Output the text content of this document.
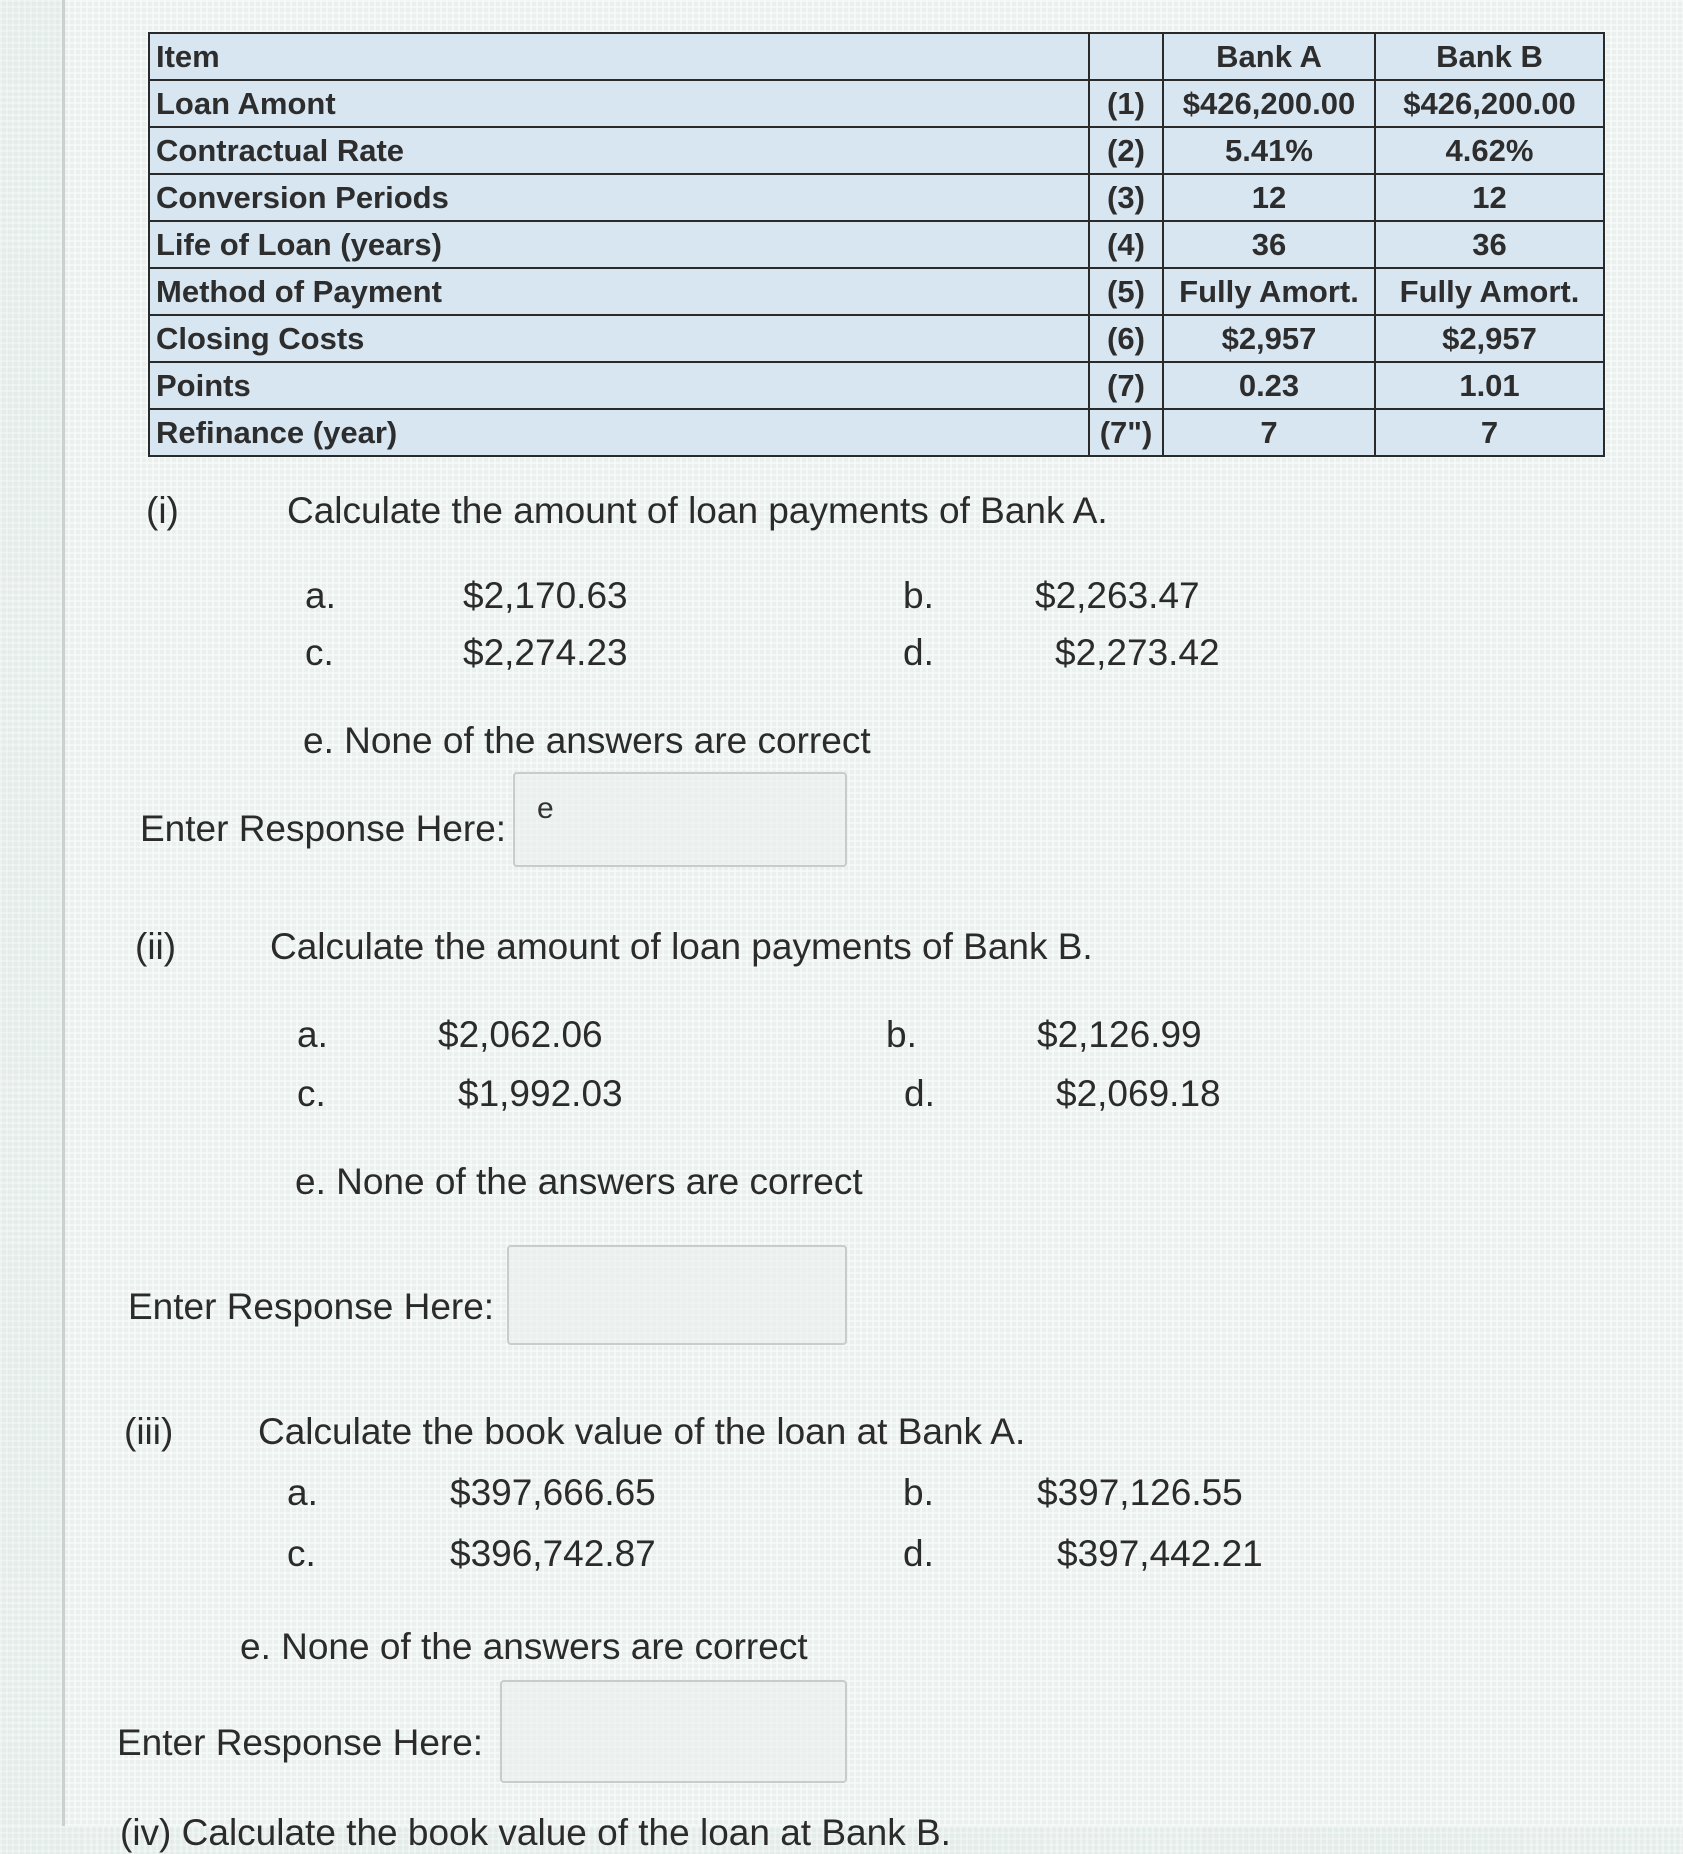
Item		Bank A	Bank B
Loan Amont	(1)	$426,200.00	$426,200.00
Contractual Rate	(2)	5.41%	4.62%
Conversion Periods	(3)	12	12
Life of Loan (years)	(4)	36	36
Method of Payment	(5)	Fully Amort.	Fully Amort.
Closing Costs	(6)	$2,957	$2,957
Points	(7)	0.23	1.01
Refinance (year)	(7")	7	7
(i)	Calculate the amount of loan payments of Bank A.
a.	$2,170.63	b.	$2,263.47
c.	$2,274.23	d.	$2,273.42
e. None of the answers are correct
Enter Response Here:	e
(ii)	Calculate the amount of loan payments of Bank B.
a.	$2,062.06	b.	$2,126.99
c.	$1,992.03	d.	$2,069.18
e. None of the answers are correct
Enter Response Here:
(iii) Calculate the book value of the loan at Bank A.
a.	$397,666.65	b.	$397,126.55
c.	$396,742.87	d.	$397,442.21
e. None of the answers are correct
Enter Response Here:
(iv) Calculate the book value of the loan at Bank B.
